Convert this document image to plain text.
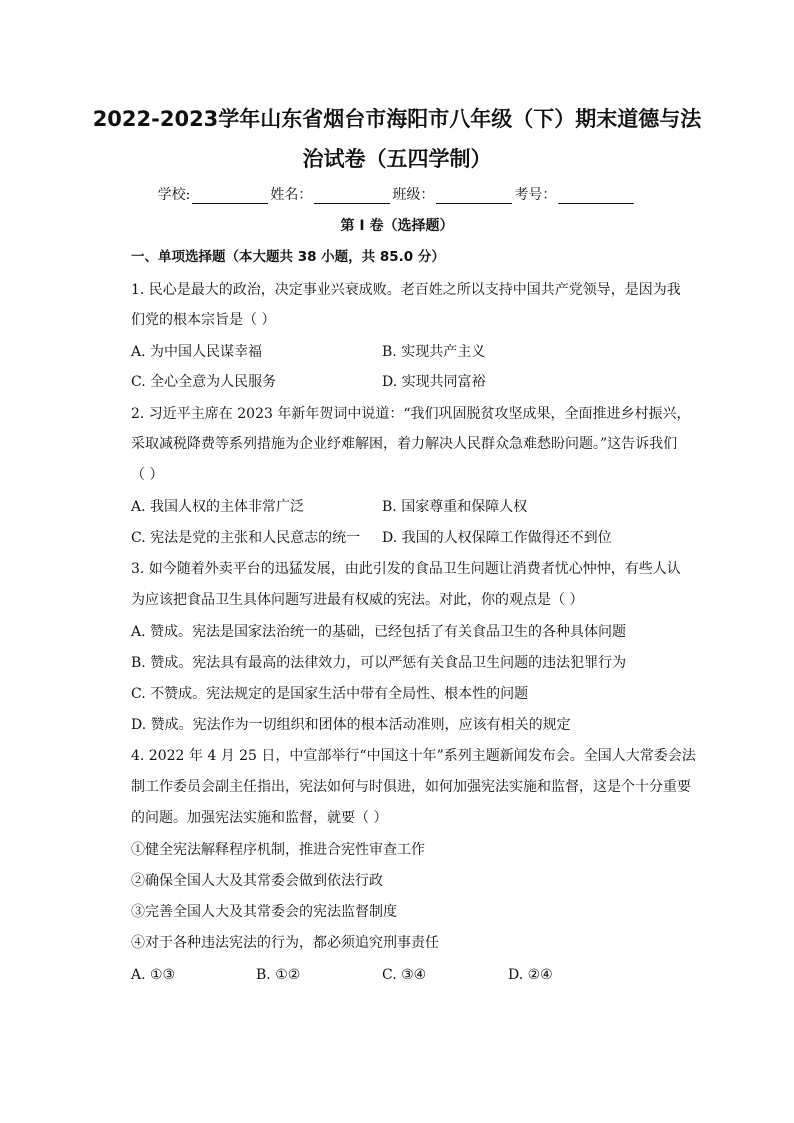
2022-2023学年山东省烟台市海阳市八年级（下）期末道德与法
治试卷（五四学制）
学校:	姓名：	班级：	考号：
第 I 卷（选择题）
一、单项选择题（本大题共 38 小题，共 85.0 分）
1. 民心是最大的政治，决定事业兴衰成败。老百姓之所以支持中国共产党领导，是因为我
们党的根本宗旨是（ ）
A. 为中国人民谋幸福	B. 实现共产主义
C. 全心全意为人民服务	D. 实现共同富裕
2. 习近平主席在 2023 年新年贺词中说道：“我们巩固脱贫攻坚成果，全面推进乡村振兴，
采取减税降费等系列措施为企业纾难解困，着力解决人民群众急难愁盼问题。”这告诉我们
（ ）
A. 我国人权的主体非常广泛	B. 国家尊重和保障人权
C. 宪法是党的主张和人民意志的统一 D. 我国的人权保障工作做得还不到位
3. 如今随着外卖平台的迅猛发展，由此引发的食品卫生问题让消费者忧心忡忡，有些人认
为应该把食品卫生具体问题写进最有权威的宪法。对此，你的观点是（ ）
A. 赞成。宪法是国家法治统一的基础，已经包括了有关食品卫生的各种具体问题
B. 赞成。宪法具有最高的法律效力，可以严惩有关食品卫生问题的违法犯罪行为
C. 不赞成。宪法规定的是国家生活中带有全局性、根本性的问题
D. 赞成。宪法作为一切组织和团体的根本活动准则，应该有相关的规定
4. 2022 年 4 月 25 日，中宣部举行“中国这十年”系列主题新闻发布会。全国人大常委会法
制工作委员会副主任指出，宪法如何与时俱进，如何加强宪法实施和监督，这是个十分重要
的问题。加强宪法实施和监督，就要（ ）
①健全宪法解释程序机制，推进合宪性审查工作
②确保全国人大及其常委会做到依法行政
③完善全国人大及其常委会的宪法监督制度
④对于各种违法宪法的行为，都必须追究刑事责任
A. ①③	B. ①②	C. ③④	D. ②④
